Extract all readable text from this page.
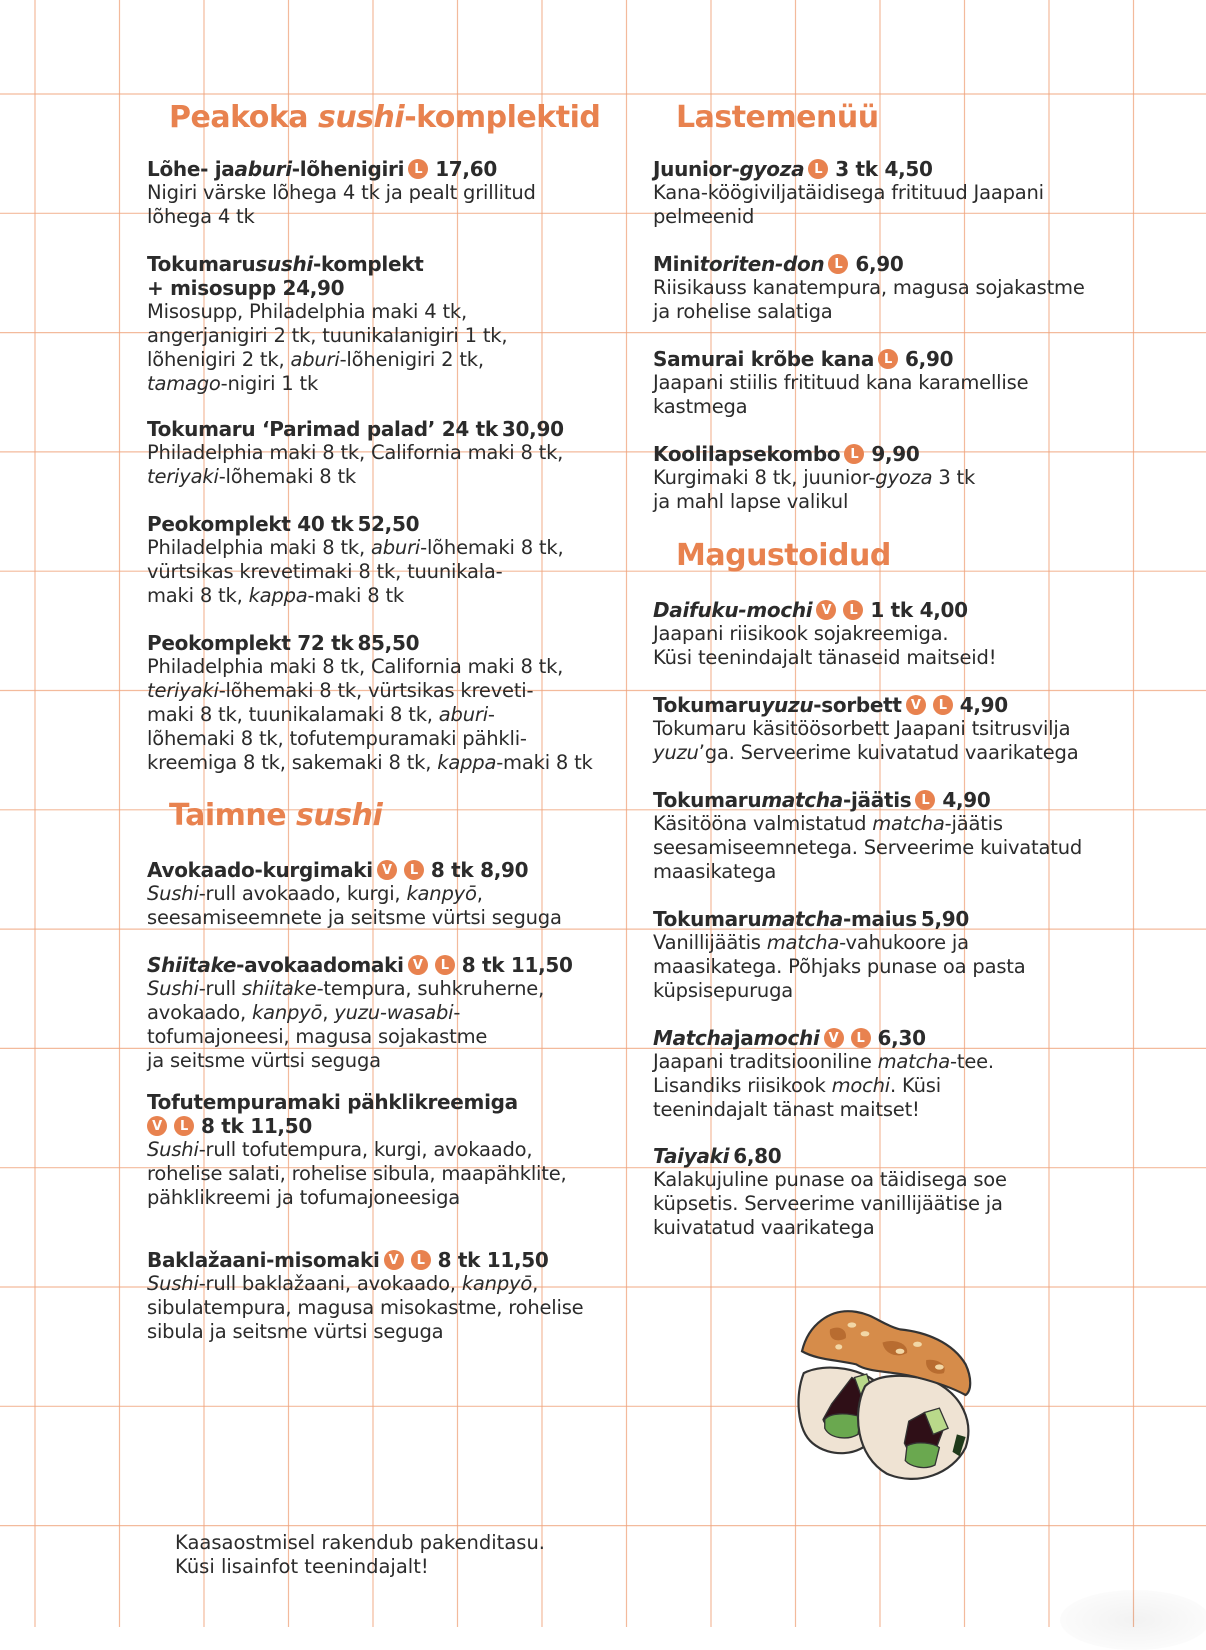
Peakoka sushi-komplektid
Lõhe- ja aburi -lõhenigiri L 17,60
Nigiri värske lõhega 4 tk ja pealt grillitud
lõhega 4 tk
Tokumaru sushi -komplekt
+ misosupp 24,90
Misosupp, Philadelphia maki 4 tk,
angerjanigiri 2 tk, tuunikalanigiri 1 tk,
lõhenigiri 2 tk, aburi-lõhenigiri 2 tk,
tamago-nigiri 1 tk
Tokumaru ‘Parimad palad’ 24 tk 30,90
Philadelphia maki 8 tk, California maki 8 tk,
teriyaki-lõhemaki 8 tk
Peokomplekt 40 tk 52,50
Philadelphia maki 8 tk, aburi-lõhemaki 8 tk,
vürtsikas krevetimaki 8 tk, tuunikala-
maki 8 tk, kappa-maki 8 tk
Peokomplekt 72 tk 85,50
Philadelphia maki 8 tk, California maki 8 tk,
teriyaki-lõhemaki 8 tk, vürtsikas kreveti-
maki 8 tk, tuunikalamaki 8 tk, aburi-
lõhemaki 8 tk, tofutempuramaki pähkli-
kreemiga 8 tk, sakemaki 8 tk, kappa-maki 8 tk
Taimne sushi
Avokaado-kurgimaki V	L 8 tk 8,90
Sushi-rull avokaado, kurgi, kanpyō,
seesamiseemnete ja seitsme vürtsi seguga
Shiitake -avokaadomaki V	L 8 tk 11,50
Sushi-rull shiitake-tempura, suhkruherne,
avokaado, kanpyō, yuzu-wasabi-
tofumajoneesi, magusa sojakastme
ja seitsme vürtsi seguga
Tofutempuramaki pähklikreemiga
V	L 8 tk 11,50
Sushi-rull tofutempura, kurgi, avokaado,
rohelise salati, rohelise sibula, maapähklite,
pähklikreemi ja tofumajoneesiga
Baklažaani-misomaki V	L 8 tk 11,50
Sushi-rull baklažaani, avokaado, kanpyō,
sibulatempura, magusa misokastme, rohelise
sibula ja seitsme vürtsi seguga
Lastemenüü
Juunior- gyoza L 3 tk 4,50
Kana-köögiviljatäidisega fritituud Jaapani
pelmeenid
Mini toriten-don L 6,90
Riisikauss kanatempura, magusa sojakastme
ja rohelise salatiga
Samurai krõbe kana L 6,90
Jaapani stiilis fritituud kana karamellise
kastmega
Koolilapsekombo L 9,90
Kurgimaki 8 tk, juunior-gyoza 3 tk
ja mahl lapse valikul
Magustoidud
Daifuku-mochi V	L 1 tk 4,00
Jaapani riisikook sojakreemiga.
Küsi teenindajalt tänaseid maitseid!
Tokumaru yuzu -sorbett V	L 4,90
Tokumaru käsitöösorbett Jaapani tsitrusvilja
yuzu’ga. Serveerime kuivatatud vaarikatega
Tokumaru matcha -jäätis L 4,90
Käsitööna valmistatud matcha-jäätis
seesamiseemnetega. Serveerime kuivatatud
maasikatega
Tokumaru matcha -maius 5,90
Vanillijäätis matcha-vahukoore ja
maasikatega. Põhjaks punase oa pasta
küpsisepuruga
Matcha ja mochi V	L 6,30
Jaapani traditsiooniline matcha-tee.
Lisandiks riisikook mochi. Küsi
teenindajalt tänast maitset!
Taiyaki 6,80
Kalakujuline punase oa täidisega soe
küpsetis. Serveerime vanillijäätise ja
kuivatatud vaarikatega
Kaasaostmisel rakendub pakenditasu.
Küsi lisainfot teenindajalt!
